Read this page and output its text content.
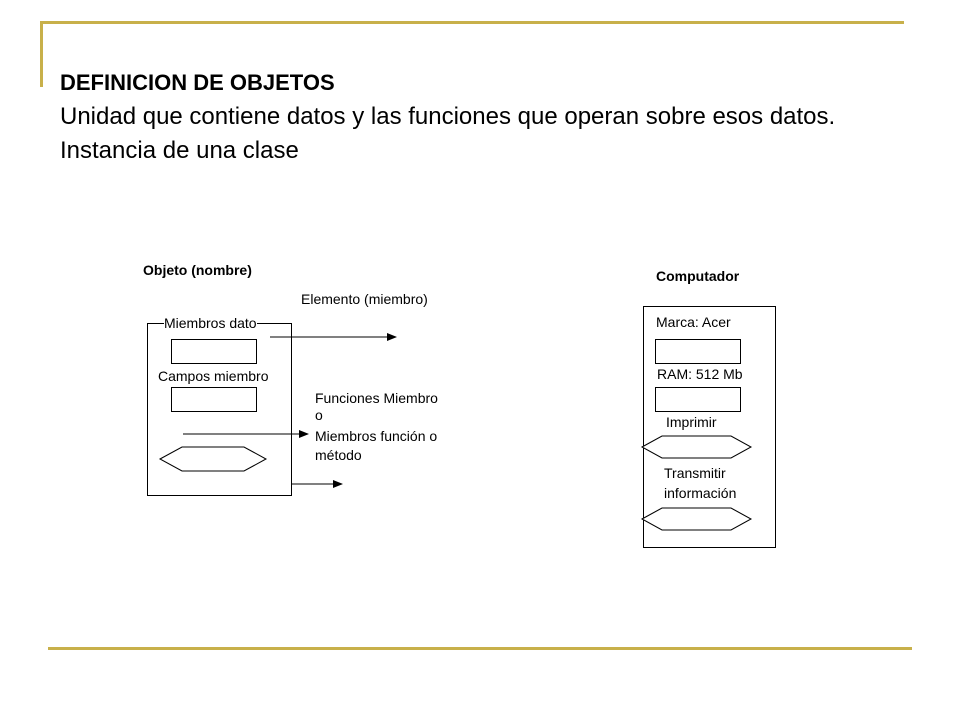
DEFINICION DE OBJETOS
Unidad que contiene datos y las funciones que operan sobre esos datos.
Instancia de una clase
Objeto (nombre)
Elemento (miembro)
Miembros dato
Campos miembro
Funciones Miembro
o
Miembros función o
método
Computador
Marca: Acer
RAM: 512 Mb
Imprimir
Transmitir
información
